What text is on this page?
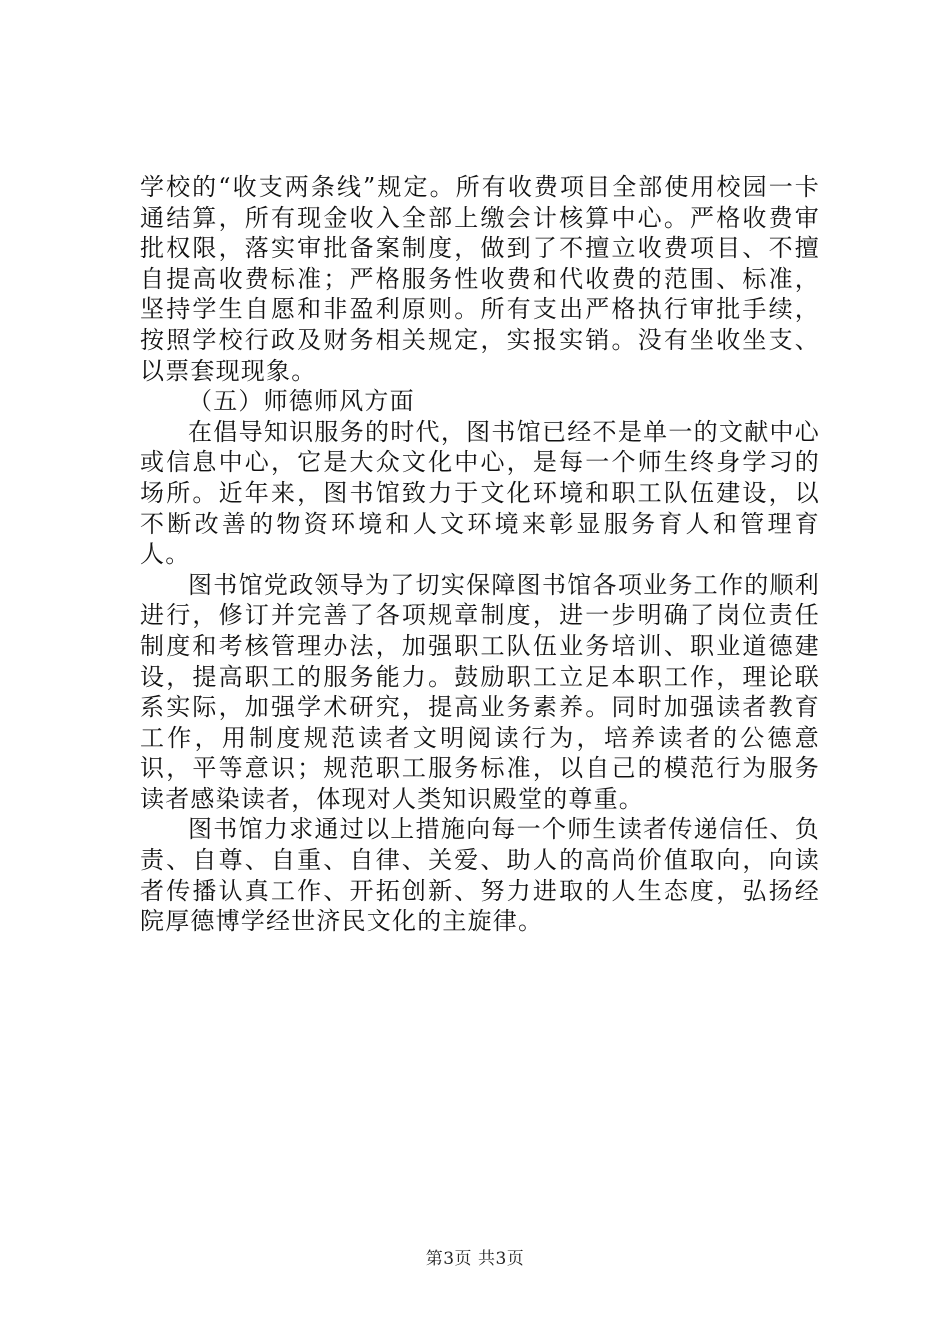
学校的“收支两条线”规定。所有收费项目全部使用校园一卡通结算，所有现金收入全部上缴会计核算中心。严格收费审批权限，落实审批备案制度，做到了不擅立收费项目、不擅自提高收费标准；严格服务性收费和代收费的范围、标准，坚持学生自愿和非盈利原则。所有支出严格执行审批手续，按照学校行政及财务相关规定，实报实销。没有坐收坐支、以票套现现象。

（五）师德师风方面

在倡导知识服务的时代，图书馆已经不是单一的文献中心或信息中心，它是大众文化中心，是每一个师生终身学习的场所。近年来，图书馆致力于文化环境和职工队伍建设，以不断改善的物资环境和人文环境来彰显服务育人和管理育人。

图书馆党政领导为了切实保障图书馆各项业务工作的顺利进行，修订并完善了各项规章制度，进一步明确了岗位责任制度和考核管理办法，加强职工队伍业务培训、职业道德建设，提高职工的服务能力。鼓励职工立足本职工作，理论联系实际，加强学术研究，提高业务素养。同时加强读者教育工作，用制度规范读者文明阅读行为，培养读者的公德意识，平等意识；规范职工服务标准，以自己的模范行为服务读者感染读者，体现对人类知识殿堂的尊重。

图书馆力求通过以上措施向每一个师生读者传递信任、负责、自尊、自重、自律、关爱、助人的高尚价值取向，向读者传播认真工作、开拓创新、努力进取的人生态度，弘扬经院厚德博学经世济民文化的主旋律。

第3页 共3页
